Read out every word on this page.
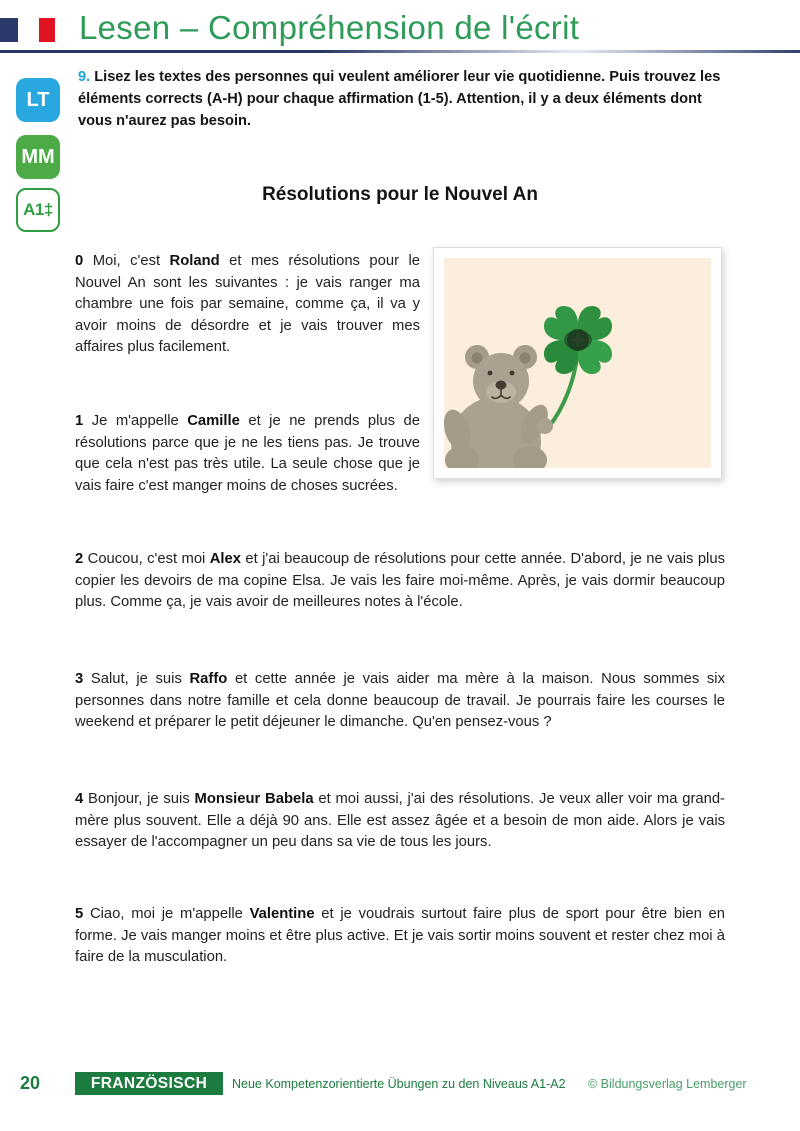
Lesen – Compréhension de l'écrit
LT
MM
A1‡
9. Lisez les textes des personnes qui veulent améliorer leur vie quotidienne. Puis trouvez les éléments corrects (A-H) pour chaque affirmation (1-5). Attention, il y a deux éléments dont vous n'aurez pas besoin.
Résolutions pour le Nouvel An
0 Moi, c'est Roland et mes résolutions pour le Nouvel An sont les suivantes : je vais ranger ma chambre une fois par semaine, comme ça, il va y avoir moins de désordre et je vais trouver mes affaires plus facilement.
1 Je m'appelle Camille et je ne prends plus de résolutions parce que je ne les tiens pas. Je trouve que cela n'est pas très utile. La seule chose que je vais faire c'est manger moins de choses sucrées.
2 Coucou, c'est moi Alex et j'ai beaucoup de résolutions pour cette année. D'abord, je ne vais plus copier les devoirs de ma copine Elsa. Je vais les faire moi-même. Après, je vais dormir beaucoup plus. Comme ça, je vais avoir de meilleures notes à l'école.
3 Salut, je suis Raffo et cette année je vais aider ma mère à la maison. Nous sommes six personnes dans notre famille et cela donne beaucoup de travail. Je pourrais faire les courses le weekend et préparer le petit déjeuner le dimanche. Qu'en pensez-vous ?
4 Bonjour, je suis Monsieur Babela et moi aussi, j'ai des résolutions. Je veux aller voir ma grand-mère plus souvent. Elle a déjà 90 ans. Elle est assez âgée et a besoin de mon aide. Alors je vais essayer de l'accompagner un peu dans sa vie de tous les jours.
5 Ciao, moi je m'appelle Valentine et je voudrais surtout faire plus de sport pour être bien en forme. Je vais manger moins et être plus active. Et je vais sortir moins souvent et rester chez moi à faire de la musculation.
20	FRANZÖSISCH Neue Kompetenzorientierte Übungen zu den Niveaus A1-A2 © Bildungsverlag Lemberger
